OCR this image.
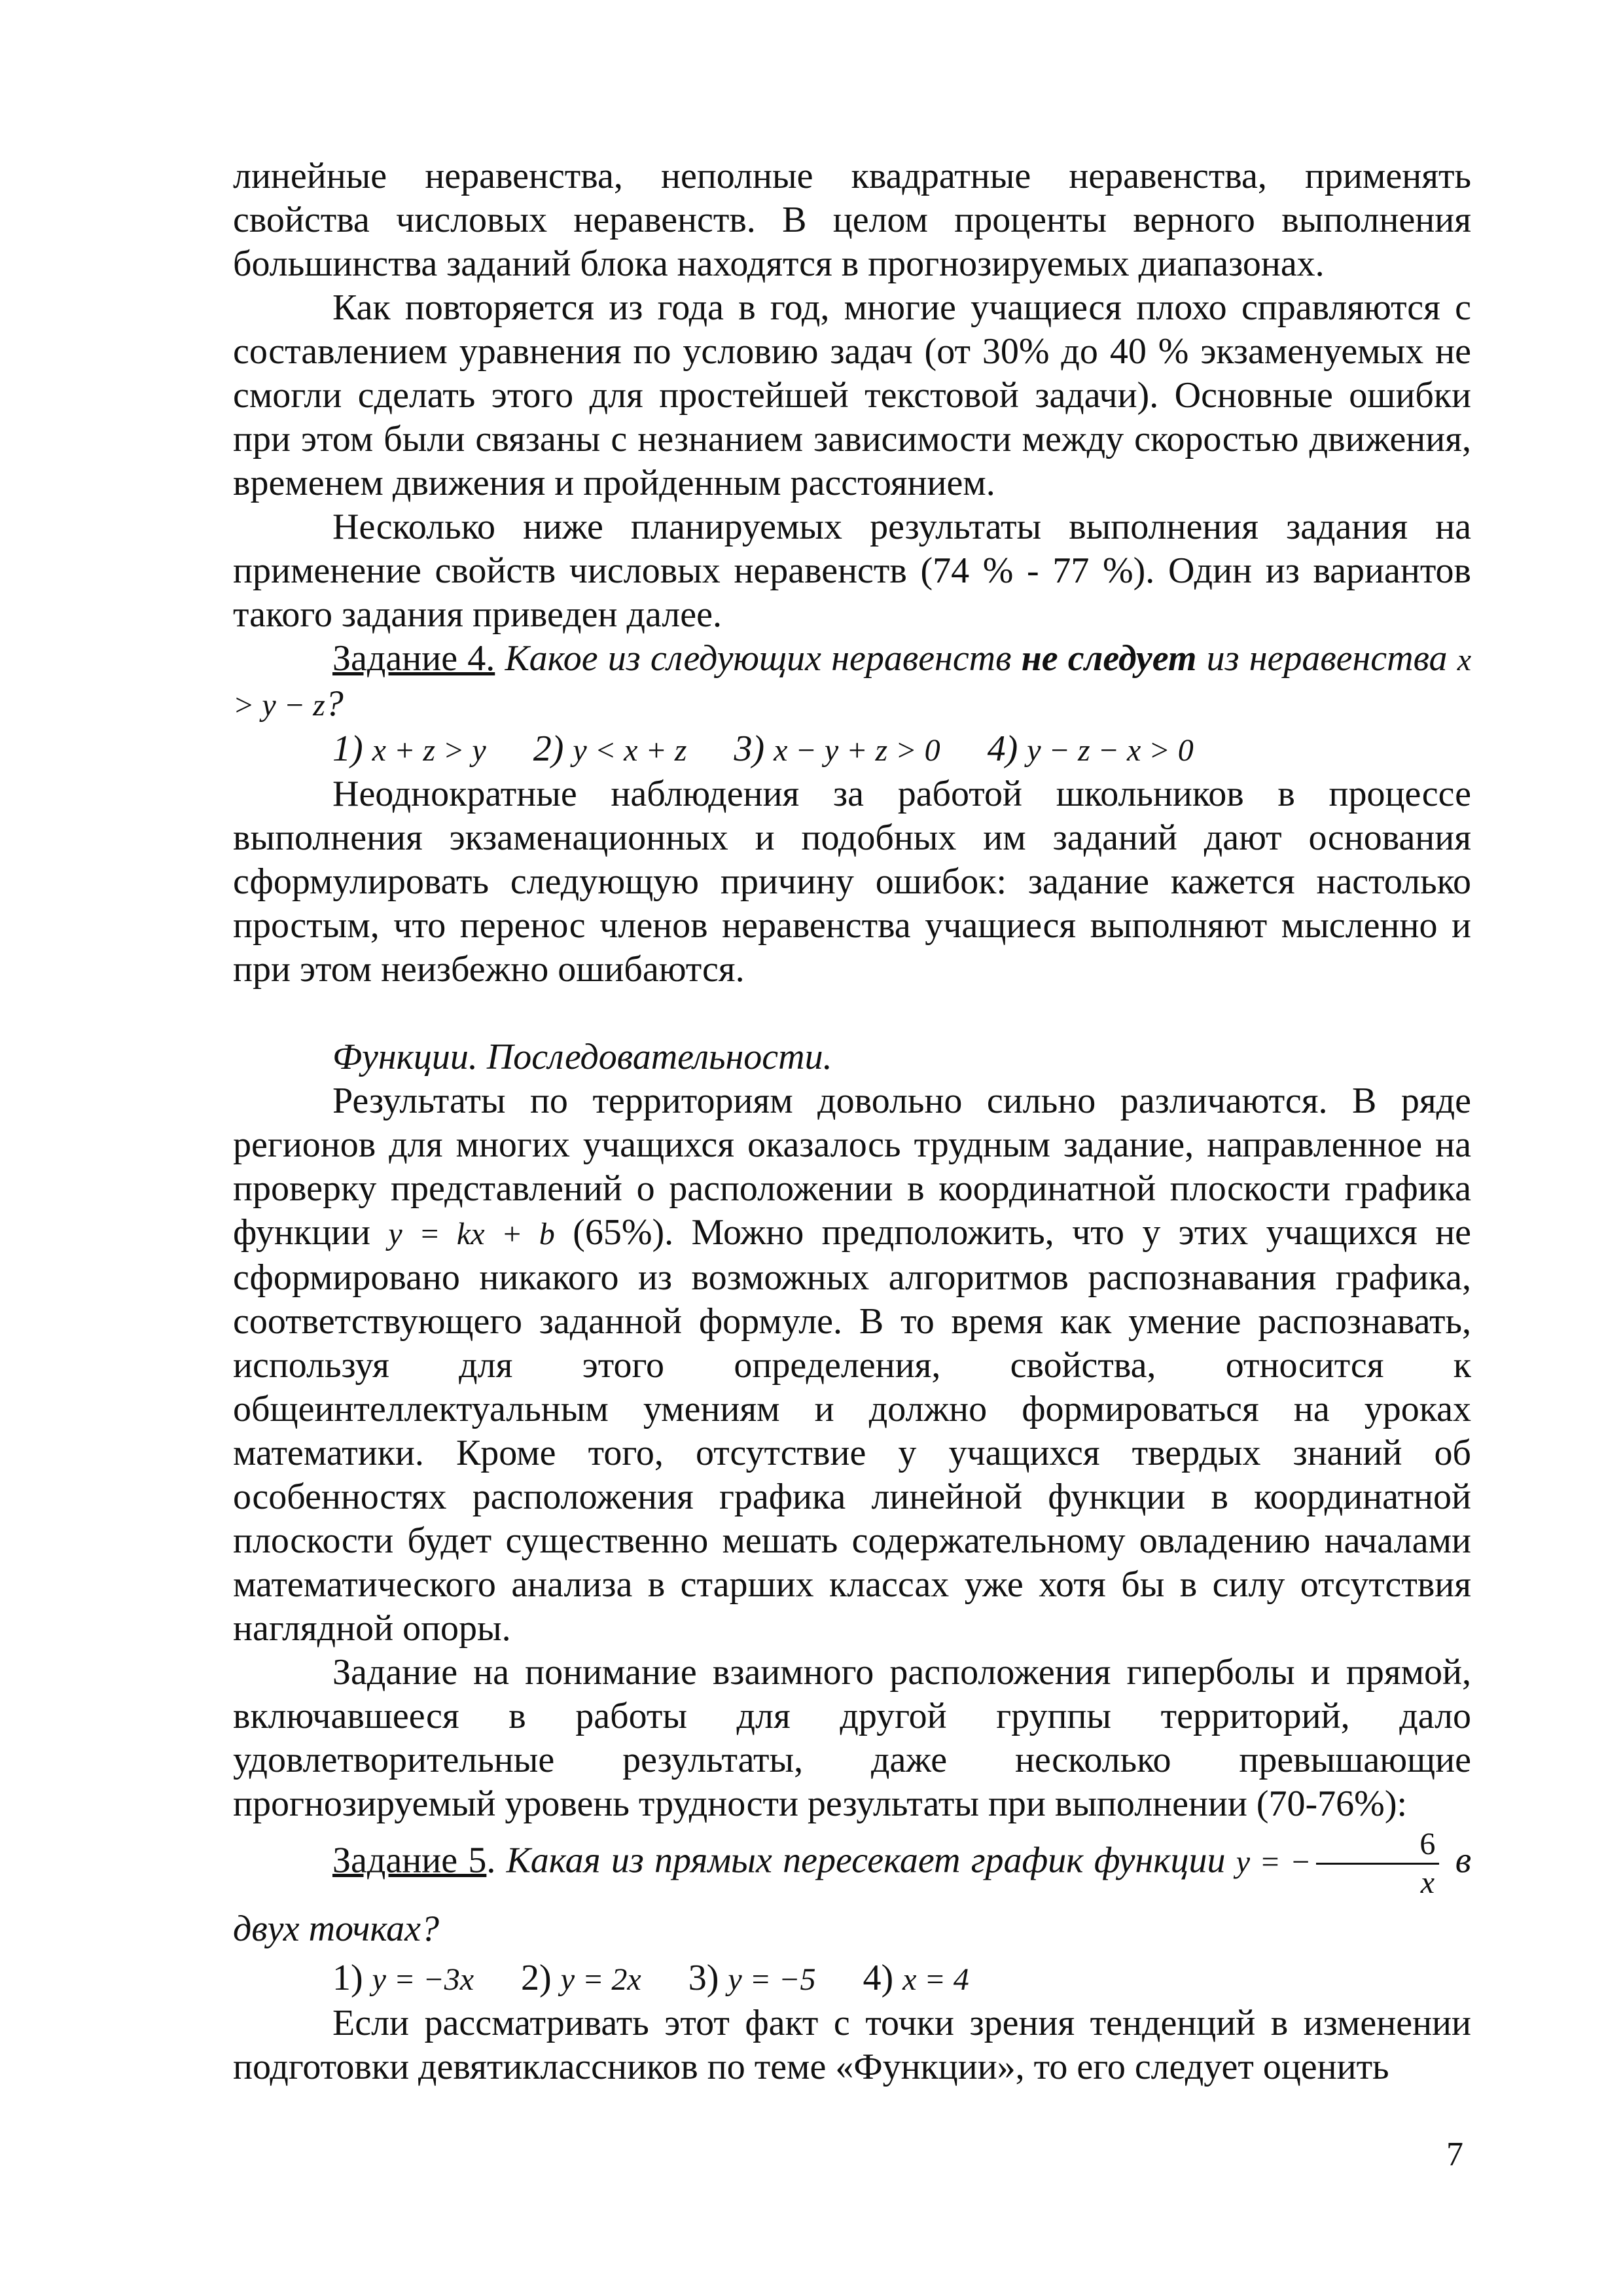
линейные неравенства, неполные квадратные неравенства, применять свойства числовых неравенств. В целом проценты верного выполнения большинства заданий блока находятся в прогнозируемых диапазонах.

Как повторяется из года в год, многие учащиеся плохо справляются с составлением уравнения по условию задач (от 30% до 40 % экзаменуемых не смогли сделать этого для простейшей текстовой задачи). Основные ошибки при этом были связаны с незнанием зависимости между скоростью движения, временем движения и пройденным расстоянием.

Несколько ниже планируемых результаты выполнения задания на применение свойств числовых неравенств (74 % - 77 %). Один из вариантов такого задания приведен далее.

Задание 4. Какое из следующих неравенств не следует из неравенства x > y − z?

1) x + z > y 2) y < x + z 3) x − y + z > 0 4) y − z − x > 0

Неоднократные наблюдения за работой школьников в процессе выполнения экзаменационных и подобных им заданий дают основания сформулировать следующую причину ошибок: задание кажется настолько простым, что перенос членов неравенства учащиеся выполняют мысленно и при этом неизбежно ошибаются.

Функции. Последовательности.

Результаты по территориям довольно сильно различаются. В ряде регионов для многих учащихся оказалось трудным задание, направленное на проверку представлений о расположении в координатной плоскости графика функции y = kx + b (65%). Можно предположить, что у этих учащихся не сформировано никакого из возможных алгоритмов распознавания графика, соответствующего заданной формуле. В то время как умение распознавать, используя для этого определения, свойства, относится к общеинтеллектуальным умениям и должно формироваться на уроках математики. Кроме того, отсутствие у учащихся твердых знаний об особенностях расположения графика линейной функции в координатной плоскости будет существенно мешать содержательному овладению началами математического анализа в старших классах уже хотя бы в силу отсутствия наглядной опоры.

Задание на понимание взаимного расположения гиперболы и прямой, включавшееся в работы для другой группы территорий, дало удовлетворительные результаты, даже несколько превышающие прогнозируемый уровень трудности результаты при выполнении (70-76%):

Задание 5. Какая из прямых пересекает график функции y = − $\frac{6}{x}$ в двух точках?

1) y = −3x 2) y = 2x 3) y = −5 4) x = 4

Если рассматривать этот факт с точки зрения тенденций в изменении подготовки девятиклассников по теме «Функции», то его следует оценить

7
